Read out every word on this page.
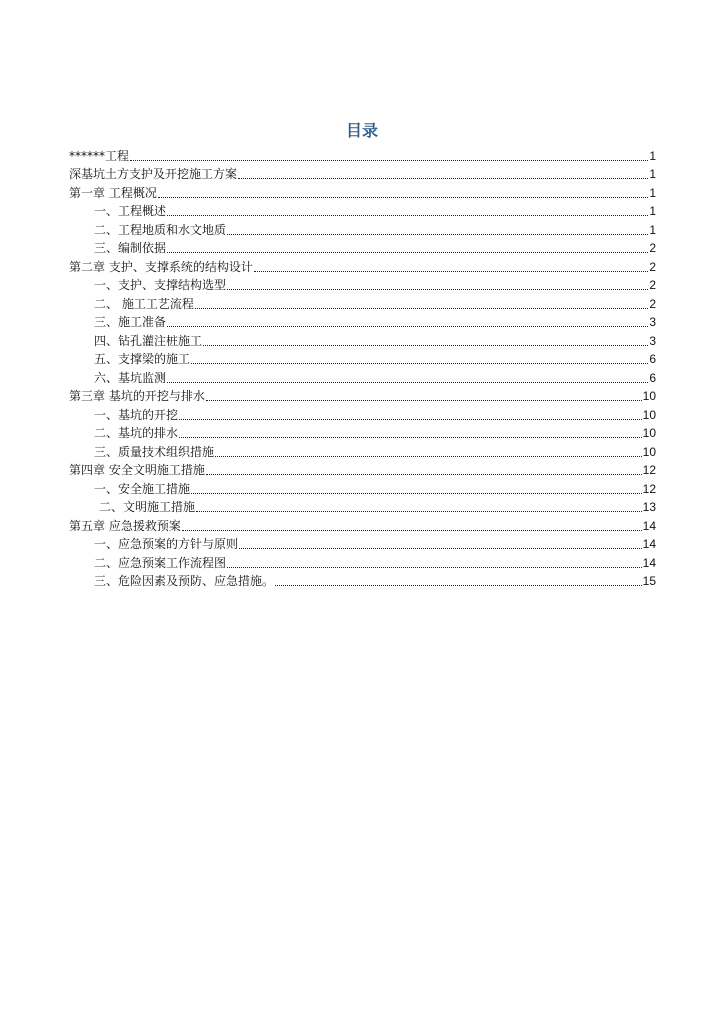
目录
******工程	1
深基坑土方支护及开挖施工方案	1
第一章 工程概况	1
一、工程概述	1
二、工程地质和水文地质	1
三、编制依据	2
第二章 支护、支撑系统的结构设计	2
一、支护、支撑结构选型	2
二、 施工工艺流程	2
三、施工准备	3
四、钻孔灌注桩施工	3
五、支撑梁的施工	6
六、基坑监测	6
第三章 基坑的开挖与排水	10
一、基坑的开挖	10
二、基坑的排水	10
三、质量技术组织措施	10
第四章 安全文明施工措施	12
一、安全施工措施	12
二、文明施工措施	13
第五章 应急援救预案	14
一、应急预案的方针与原则	14
二、应急预案工作流程图	14
三、危险因素及预防、应急措施。	15
